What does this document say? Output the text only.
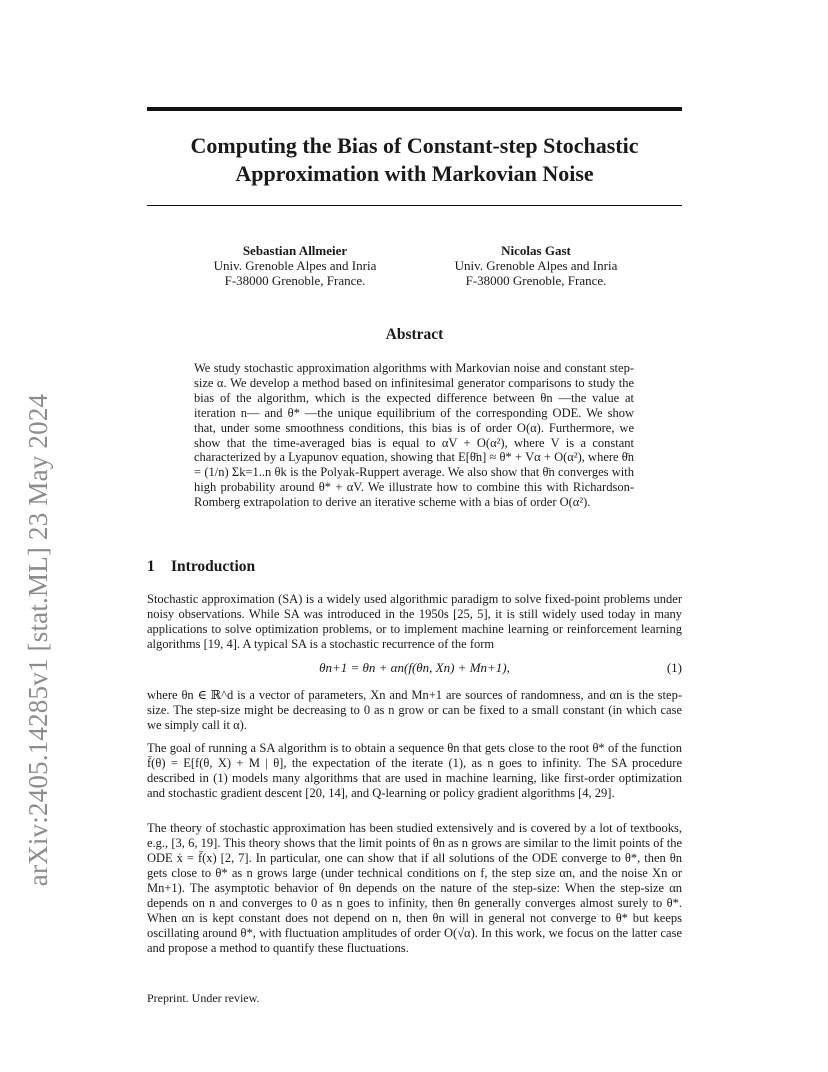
arXiv:2405.14285v1 [stat.ML] 23 May 2024
Computing the Bias of Constant-step Stochastic Approximation with Markovian Noise
Sebastian Allmeier
Univ. Grenoble Alpes and Inria
F-38000 Grenoble, France.
Nicolas Gast
Univ. Grenoble Alpes and Inria
F-38000 Grenoble, France.
Abstract

We study stochastic approximation algorithms with Markovian noise and constant step-size α. We develop a method based on infinitesimal generator comparisons to study the bias of the algorithm, which is the expected difference between θn —the value at iteration n— and θ* —the unique equilibrium of the corresponding ODE. We show that, under some smoothness conditions, this bias is of order O(α). Furthermore, we show that the time-averaged bias is equal to αV + O(α²), where V is a constant characterized by a Lyapunov equation, showing that E[θ̄n] ≈ θ* + Vα + O(α²), where θ̄n = (1/n) Σk=1..n θk is the Polyak-Ruppert average. We also show that θ̄n converges with high probability around θ* + αV. We illustrate how to combine this with Richardson-Romberg extrapolation to derive an iterative scheme with a bias of order O(α²).

1 Introduction

Stochastic approximation (SA) is a widely used algorithmic paradigm to solve fixed-point problems under noisy observations. While SA was introduced in the 1950s [25, 5], it is still widely used today in many applications to solve optimization problems, or to implement machine learning or reinforcement learning algorithms [19, 4]. A typical SA is a stochastic recurrence of the form

θn+1 = θn + αn(f(θn, Xn) + Mn+1),	(1)

where θn ∈ ℝ^d is a vector of parameters, Xn and Mn+1 are sources of randomness, and αn is the step-size. The step-size might be decreasing to 0 as n grow or can be fixed to a small constant (in which case we simply call it α).

The goal of running a SA algorithm is to obtain a sequence θn that gets close to the root θ* of the function f̄(θ) = E[f(θ, X) + M | θ], the expectation of the iterate (1), as n goes to infinity. The SA procedure described in (1) models many algorithms that are used in machine learning, like first-order optimization and stochastic gradient descent [20, 14], and Q-learning or policy gradient algorithms [4, 29].

The theory of stochastic approximation has been studied extensively and is covered by a lot of textbooks, e.g., [3, 6, 19]. This theory shows that the limit points of θn as n grows are similar to the limit points of the ODE ẋ = f̄(x) [2, 7]. In particular, one can show that if all solutions of the ODE converge to θ*, then θn gets close to θ* as n grows large (under technical conditions on f, the step size αn, and the noise Xn or Mn+1). The asymptotic behavior of θn depends on the nature of the step-size: When the step-size αn depends on n and converges to 0 as n goes to infinity, then θn generally converges almost surely to θ*. When αn is kept constant does not depend on n, then θn will in general not converge to θ* but keeps oscillating around θ*, with fluctuation amplitudes of order O(√α). In this work, we focus on the latter case and propose a method to quantify these fluctuations.

Preprint. Under review.
